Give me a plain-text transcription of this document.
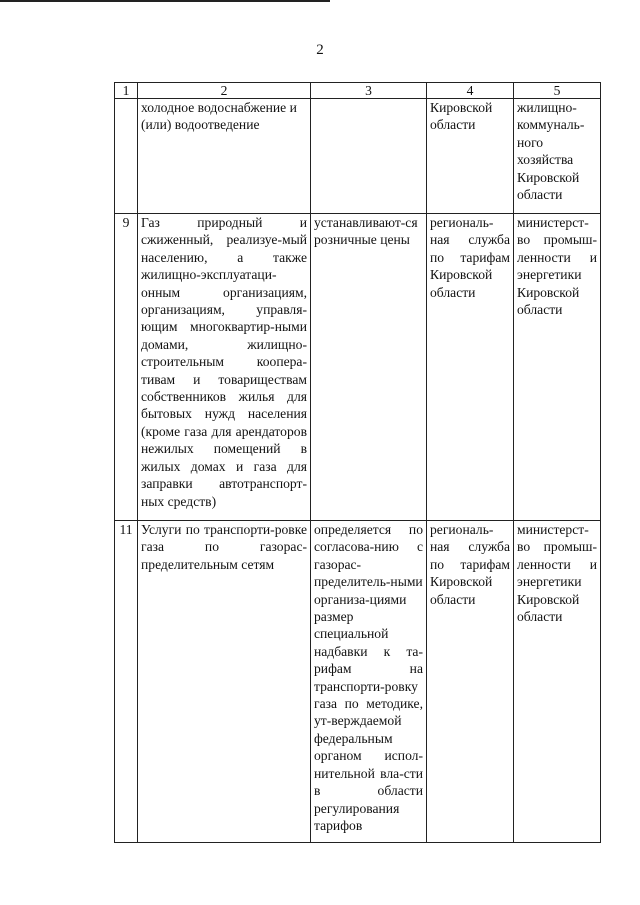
2
1	2	3	4	5
	холодное водоснабжение и (или) водоотведение		Кировской области	жилищно-коммуналь-ного хозяйства Кировской области
9	Газ природный и сжиженный, реализуе-мый населению, а также жилищно-эксплуатаци-онным организациям, организациям, управля-ющим многоквартир-ными домами, жилищно-строительным коопера-тивам и товариществам собственников жилья для бытовых нужд населения (кроме газа для арендаторов нежилых помещений в жилых домах и газа для заправки автотранспорт-ных средств)	устанавливают-ся розничные цены	региональ-ная служба по тарифам Кировской области	министерст-во промыш-ленности и энергетики Кировской области
11	Услуги по транспорти-ровке газа по газорас-пределительным сетям	определяется по согласова-нию с газорас-пределитель-ными организа-циями размер специальной надбавки к та-рифам на транспорти-ровку газа по методике, ут-верждаемой федеральным органом испол-нительной вла-сти в области регулирования тарифов	региональ-ная служба по тарифам Кировской области	министерст-во промыш-ленности и энергетики Кировской области
